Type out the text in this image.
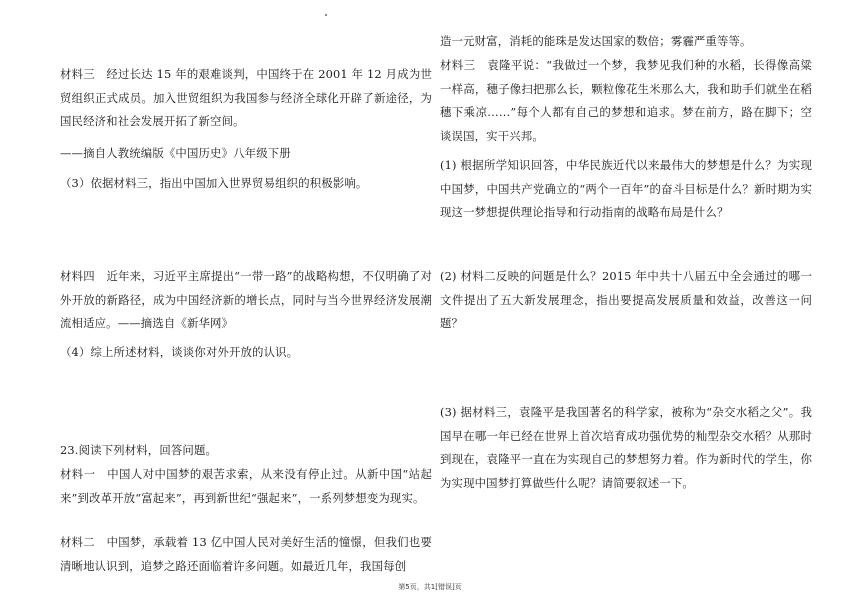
材料三　经过长达 15 年的艰难谈判，中国终于在 2001 年 12 月成为世贸组织正式成员。加入世贸组织为我国参与经济全球化开辟了新途径，为国民经济和社会发展开拓了新空间。

——摘自人教统编版《中国历史》八年级下册

（3）依据材料三，指出中国加入世界贸易组织的积极影响。

材料四　近年来，习近平主席提出“一带一路”的战略构想，不仅明确了对外开放的新路径，成为中国经济新的增长点，同时与当今世界经济发展潮流相适应。——摘选自《新华网》

（4）综上所述材料，谈谈你对外开放的认识。

23.阅读下列材料，回答问题。

材料一　中国人对中国梦的艰苦求索，从来没有停止过。从新中国“站起来”到改革开放“富起来”，再到新世纪“强起来”，一系列梦想变为现实。

材料二　中国梦，承载着 13 亿中国人民对美好生活的憧憬，但我们也要清晰地认识到，追梦之路还面临着许多问题。如最近几年，我国每创

造一元财富，消耗的能珠是发达国家的数倍；雾霾严重等等。

材料三　袁隆平说：“我做过一个梦，我梦见我们种的水稻，长得像高粱一样高，穗子像扫把那么长，颗粒像花生米那么大，我和助手们就坐在稻穗下乘凉……”每个人都有自己的梦想和追求。梦在前方，路在脚下；空谈误国，实干兴邦。

(1) 根据所学知识回答，中华民族近代以来最伟大的梦想是什么？为实现中国梦，中国共产党确立的“两个一百年”的奋斗目标是什么？新时期为实现这一梦想提供理论指导和行动指南的战略布局是什么？

(2) 材料二反映的问题是什么？2015 年中共十八届五中全会通过的哪一文件提出了五大新发展理念，指出要提高发展质量和效益，改善这一问题？

(3) 据材料三，袁隆平是我国著名的科学家，被称为“杂交水稻之父”。我国早在哪一年已经在世界上首次培育成功强优势的籼型杂交水稻？从那时到现在，袁隆平一直在为实现自己的梦想努力着。作为新时代的学生，你为实现中国梦打算做些什么呢？请简要叙述一下。

第5页，共1[错误]页
